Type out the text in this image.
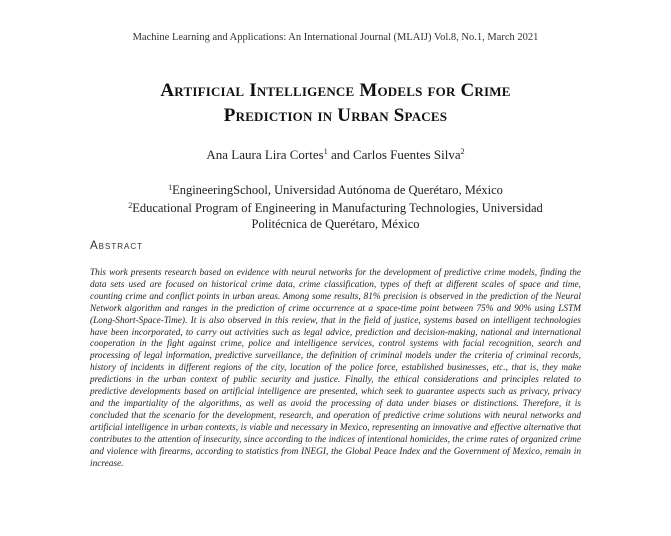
Machine Learning and Applications: An International Journal (MLAIJ) Vol.8, No.1, March 2021
Artificial Intelligence Models for Crime
Prediction in Urban Spaces
Ana Laura Lira Cortes$^1$ and Carlos Fuentes Silva$^2$
$^1$EngineeringSchool, Universidad Autónoma de Querétaro, México
$^2$Educational Program of Engineering in Manufacturing Technologies, Universidad
Politécnica de Querétaro, México
Abstract
This work presents research based on evidence with neural networks for the development of predictive crime models, finding the data sets used are focused on historical crime data, crime classification, types of theft at different scales of space and time, counting crime and conflict points in urban areas. Among some results, 81% precision is observed in the prediction of the Neural Network algorithm and ranges in the prediction of crime occurrence at a space-time point between 75% and 90% using LSTM (Long-Short-Space-Time). It is also observed in this review, that in the field of justice, systems based on intelligent technologies have been incorporated, to carry out activities such as legal advice, prediction and decision-making, national and international cooperation in the fight against crime, police and intelligence services, control systems with facial recognition, search and processing of legal information, predictive surveillance, the definition of criminal models under the criteria of criminal records, history of incidents in different regions of the city, location of the police force, established businesses, etc., that is, they make predictions in the urban context of public security and justice. Finally, the ethical considerations and principles related to predictive developments based on artificial intelligence are presented, which seek to guarantee aspects such as privacy, privacy and the impartiality of the algorithms, as well as avoid the processing of data under biases or distinctions. Therefore, it is concluded that the scenario for the development, research, and operation of predictive crime solutions with neural networks and artificial intelligence in urban contexts, is viable and necessary in Mexico, representing an innovative and effective alternative that contributes to the attention of insecurity, since according to the indices of intentional homicides, the crime rates of organized crime and violence with firearms, according to statistics from INEGI, the Global Peace Index and the Government of Mexico, remain in increase.
